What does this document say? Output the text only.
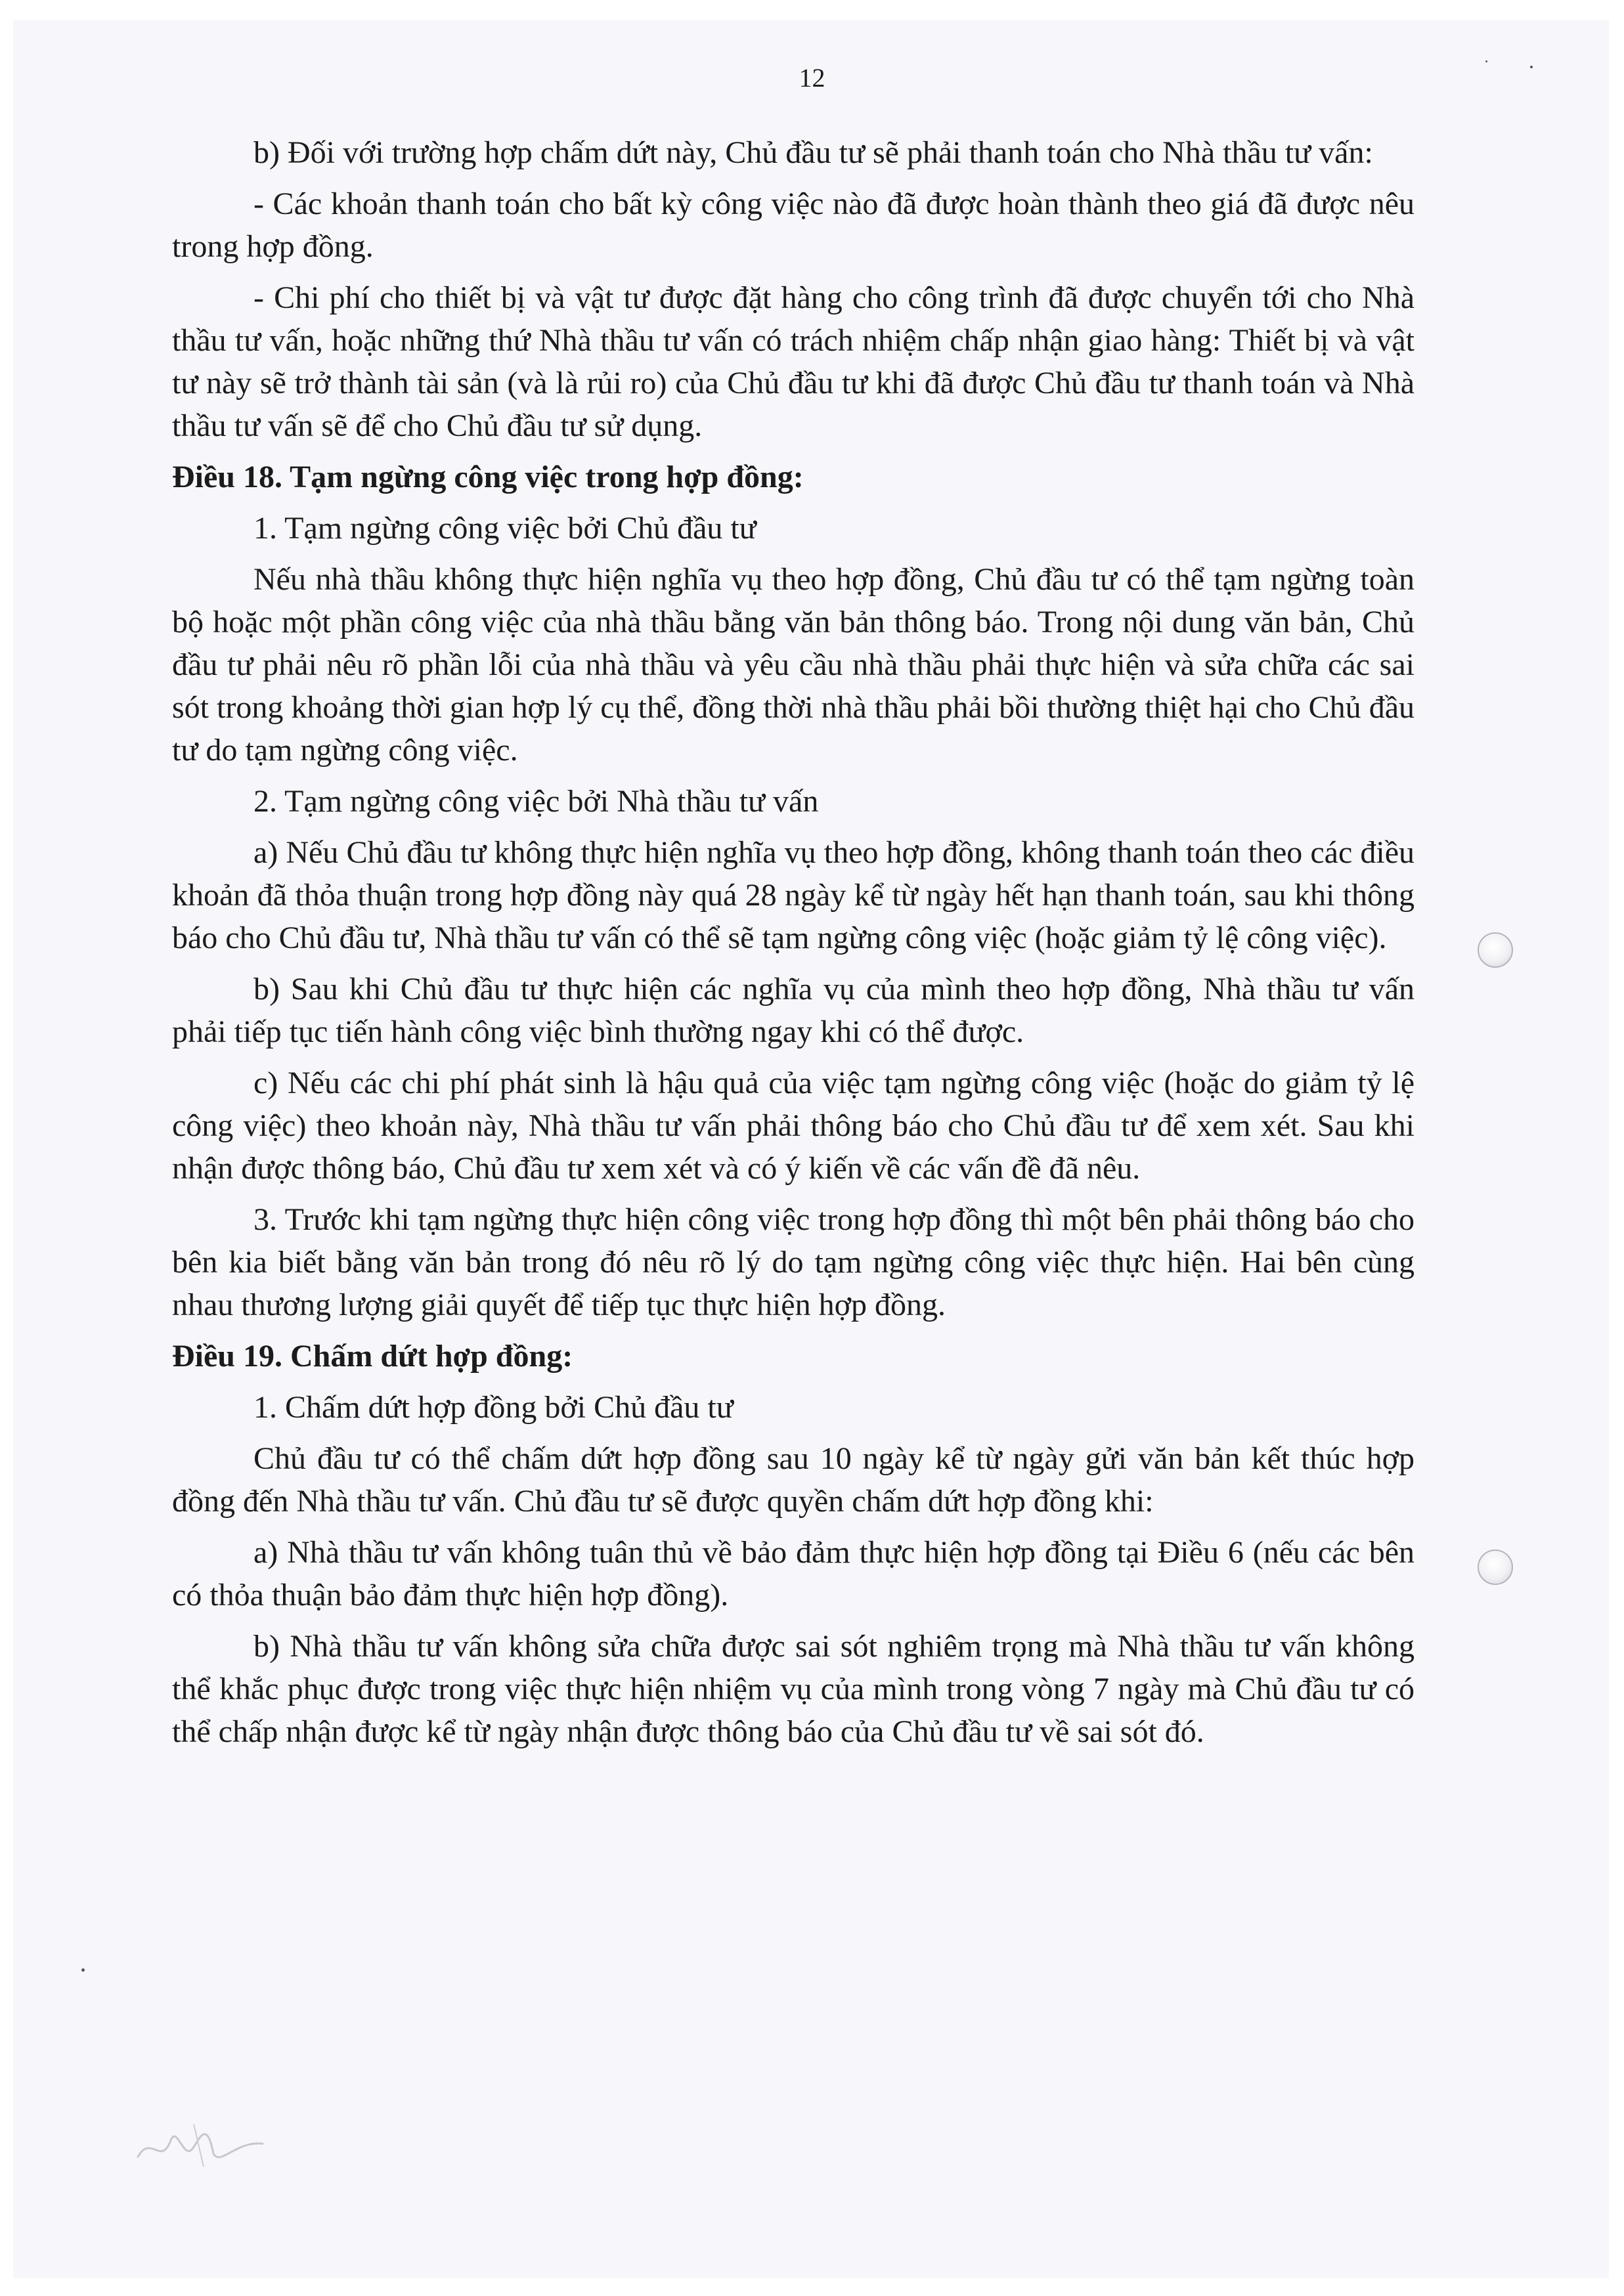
12

b) Đối với trường hợp chấm dứt này, Chủ đầu tư sẽ phải thanh toán cho Nhà thầu tư vấn:

- Các khoản thanh toán cho bất kỳ công việc nào đã được hoàn thành theo giá đã được nêu trong hợp đồng.

- Chi phí cho thiết bị và vật tư được đặt hàng cho công trình đã được chuyển tới cho Nhà thầu tư vấn, hoặc những thứ Nhà thầu tư vấn có trách nhiệm chấp nhận giao hàng: Thiết bị và vật tư này sẽ trở thành tài sản (và là rủi ro) của Chủ đầu tư khi đã được Chủ đầu tư thanh toán và Nhà thầu tư vấn sẽ để cho Chủ đầu tư sử dụng.

Điều 18. Tạm ngừng công việc trong hợp đồng:

1. Tạm ngừng công việc bởi Chủ đầu tư

Nếu nhà thầu không thực hiện nghĩa vụ theo hợp đồng, Chủ đầu tư có thể tạm ngừng toàn bộ hoặc một phần công việc của nhà thầu bằng văn bản thông báo. Trong nội dung văn bản, Chủ đầu tư phải nêu rõ phần lỗi của nhà thầu và yêu cầu nhà thầu phải thực hiện và sửa chữa các sai sót trong khoảng thời gian hợp lý cụ thể, đồng thời nhà thầu phải bồi thường thiệt hại cho Chủ đầu tư do tạm ngừng công việc.

2. Tạm ngừng công việc bởi Nhà thầu tư vấn

a) Nếu Chủ đầu tư không thực hiện nghĩa vụ theo hợp đồng, không thanh toán theo các điều khoản đã thỏa thuận trong hợp đồng này quá 28 ngày kể từ ngày hết hạn thanh toán, sau khi thông báo cho Chủ đầu tư, Nhà thầu tư vấn có thể sẽ tạm ngừng công việc (hoặc giảm tỷ lệ công việc).

b) Sau khi Chủ đầu tư thực hiện các nghĩa vụ của mình theo hợp đồng, Nhà thầu tư vấn phải tiếp tục tiến hành công việc bình thường ngay khi có thể được.

c) Nếu các chi phí phát sinh là hậu quả của việc tạm ngừng công việc (hoặc do giảm tỷ lệ công việc) theo khoản này, Nhà thầu tư vấn phải thông báo cho Chủ đầu tư để xem xét. Sau khi nhận được thông báo, Chủ đầu tư xem xét và có ý kiến về các vấn đề đã nêu.

3. Trước khi tạm ngừng thực hiện công việc trong hợp đồng thì một bên phải thông báo cho bên kia biết bằng văn bản trong đó nêu rõ lý do tạm ngừng công việc thực hiện. Hai bên cùng nhau thương lượng giải quyết để tiếp tục thực hiện hợp đồng.

Điều 19. Chấm dứt hợp đồng:

1. Chấm dứt hợp đồng bởi Chủ đầu tư

Chủ đầu tư có thể chấm dứt hợp đồng sau 10 ngày kể từ ngày gửi văn bản kết thúc hợp đồng đến Nhà thầu tư vấn. Chủ đầu tư sẽ được quyền chấm dứt hợp đồng khi:

a) Nhà thầu tư vấn không tuân thủ về bảo đảm thực hiện hợp đồng tại Điều 6 (nếu các bên có thỏa thuận bảo đảm thực hiện hợp đồng).

b) Nhà thầu tư vấn không sửa chữa được sai sót nghiêm trọng mà Nhà thầu tư vấn không thể khắc phục được trong việc thực hiện nhiệm vụ của mình trong vòng 7 ngày mà Chủ đầu tư có thể chấp nhận được kể từ ngày nhận được thông báo của Chủ đầu tư về sai sót đó.
